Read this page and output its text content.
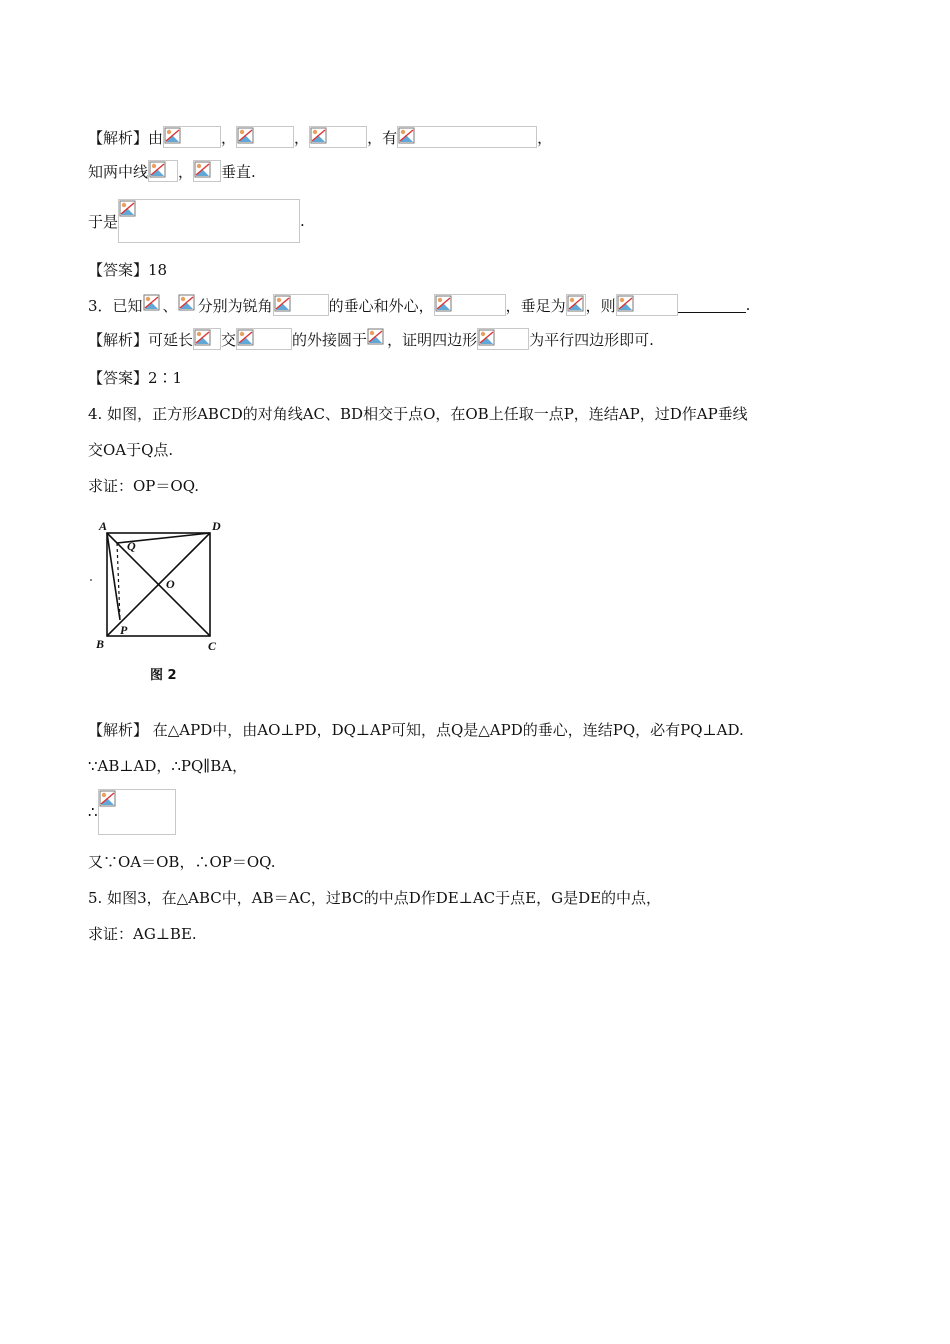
【解析】 由	，	，	，有	，
知两中线 ， 垂直.
于是	.
【答案】18
3．已知 、 分别为锐角	的垂心和外心，	，垂足为 ，则	.
【解析】 可延长 交	的外接圆于 ，证明四边形	为平行四边形即可.
【答案】2∶1
4. 如图，正方形ABCD的对角线AC、BD相交于点O，在OB上任取一点P，连结AP，过D作AP垂线
交OA于Q点.
求证：OP＝OQ.
A	D
Q
O
B
P
C
图 2
【解析】 在△APD中，由AO⊥PD，DQ⊥AP可知，点Q是△APD的垂心，连结PQ，必有PQ⊥AD.
∵AB⊥AD，∴PQ∥BA，
∴
又∵OA＝OB，∴OP＝OQ.
5. 如图3，在△ABC中，AB＝AC，过BC的中点D作DE⊥AC于点E，G是DE的中点，
求证：AG⊥BE.
